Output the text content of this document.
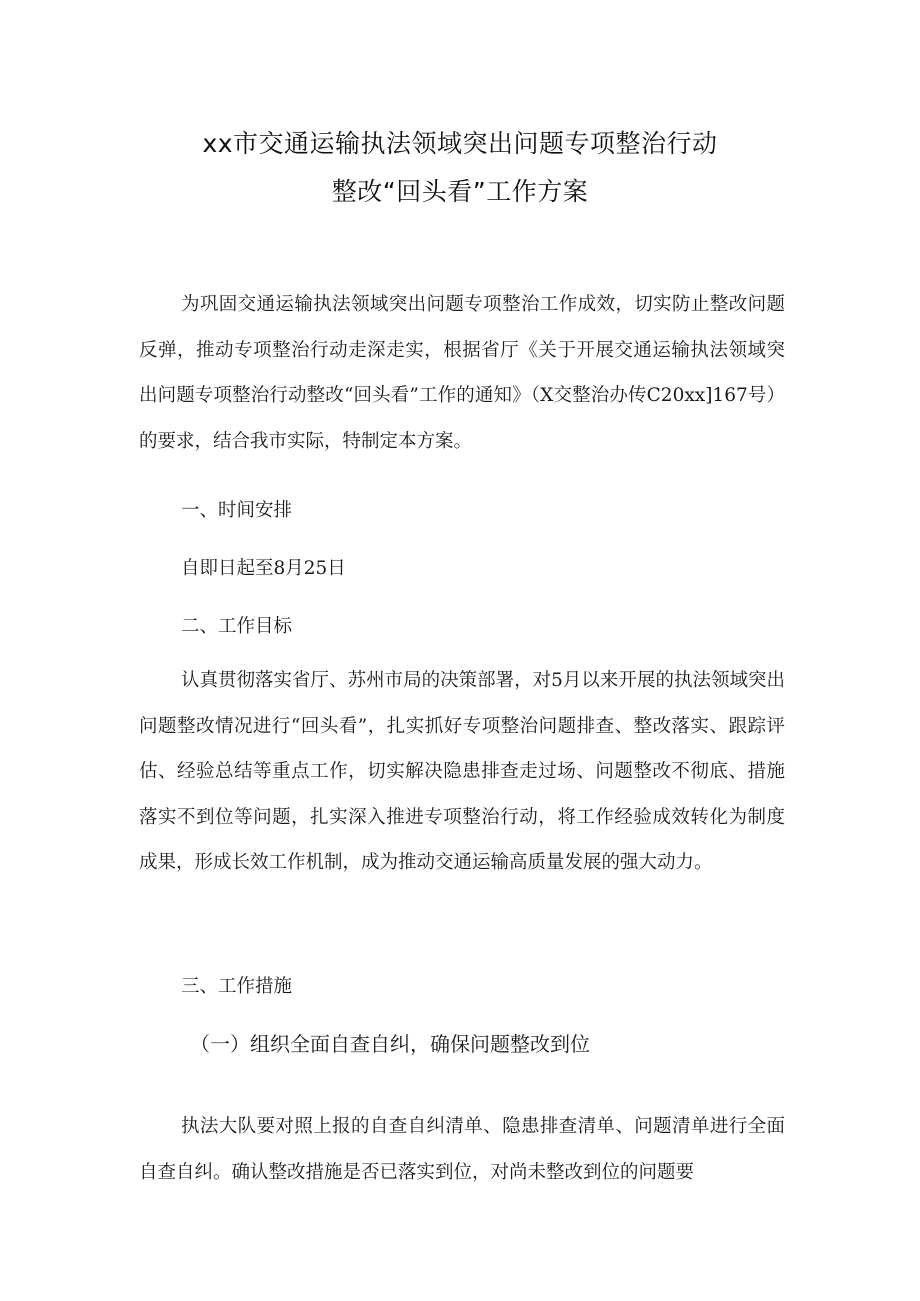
xx市交通运输执法领域突出问题专项整治行动
整改“回头看”工作方案
为巩固交通运输执法领域突出问题专项整治工作成效，切实防止整改问题反弹，推动专项整治行动走深走实，根据省厅《关于开展交通运输执法领域突出问题专项整治行动整改“回头看”工作的通知》（X交整治办传C20xx]167号）的要求，结合我市实际，特制定本方案。
一、时间安排
自即日起至8月25日
二、工作目标
认真贯彻落实省厅、苏州市局的决策部署，对5月以来开展的执法领域突出问题整改情况进行“回头看”，扎实抓好专项整治问题排查、整改落实、跟踪评估、经验总结等重点工作，切实解决隐患排查走过场、问题整改不彻底、措施落实不到位等问题，扎实深入推进专项整治行动，将工作经验成效转化为制度成果，形成长效工作机制，成为推动交通运输高质量发展的强大动力。
三、工作措施
（一）组织全面自查自纠，确保问题整改到位
执法大队要对照上报的自查自纠清单、隐患排查清单、问题清单进行全面自查自纠。确认整改措施是否已落实到位，对尚未整改到位的问题要
